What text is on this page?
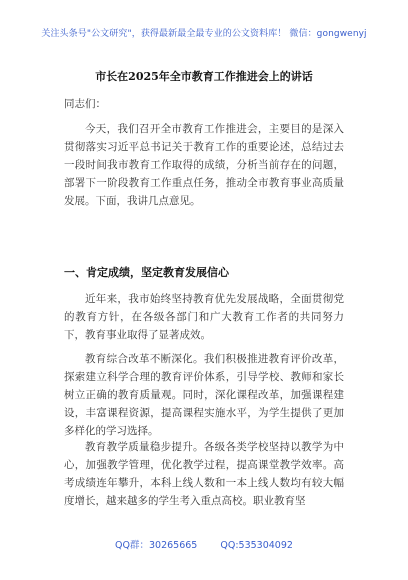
关注头条号"公文研究"，获得最新最全最专业的公文资料库！ 微信：gongwenyj
市长在2025年全市教育工作推进会上的讲话
同志们：

今天，我们召开全市教育工作推进会，主要目的是深入贯彻落实习近平总书记关于教育工作的重要论述，总结过去一段时间我市教育工作取得的成绩，分析当前存在的问题，部署下一阶段教育工作重点任务，推动全市教育事业高质量发展。下面，我讲几点意见。

一、肯定成绩，坚定教育发展信心

近年来，我市始终坚持教育优先发展战略，全面贯彻党的教育方针，在各级各部门和广大教育工作者的共同努力下，教育事业取得了显著成效。

教育综合改革不断深化。我们积极推进教育评价改革，探索建立科学合理的教育评价体系，引导学校、教师和家长树立正确的教育质量观。同时，深化课程改革，加强课程建设，丰富课程资源，提高课程实施水平，为学生提供了更加多样化的学习选择。

教育教学质量稳步提升。各级各类学校坚持以教学为中心，加强教学管理，优化教学过程，提高课堂教学效率。高考成绩连年攀升，本科上线人数和一本上线人数均有较大幅度增长，越来越多的学生考入重点高校。职业教育坚

QQ群：30265665 QQ:535304092
